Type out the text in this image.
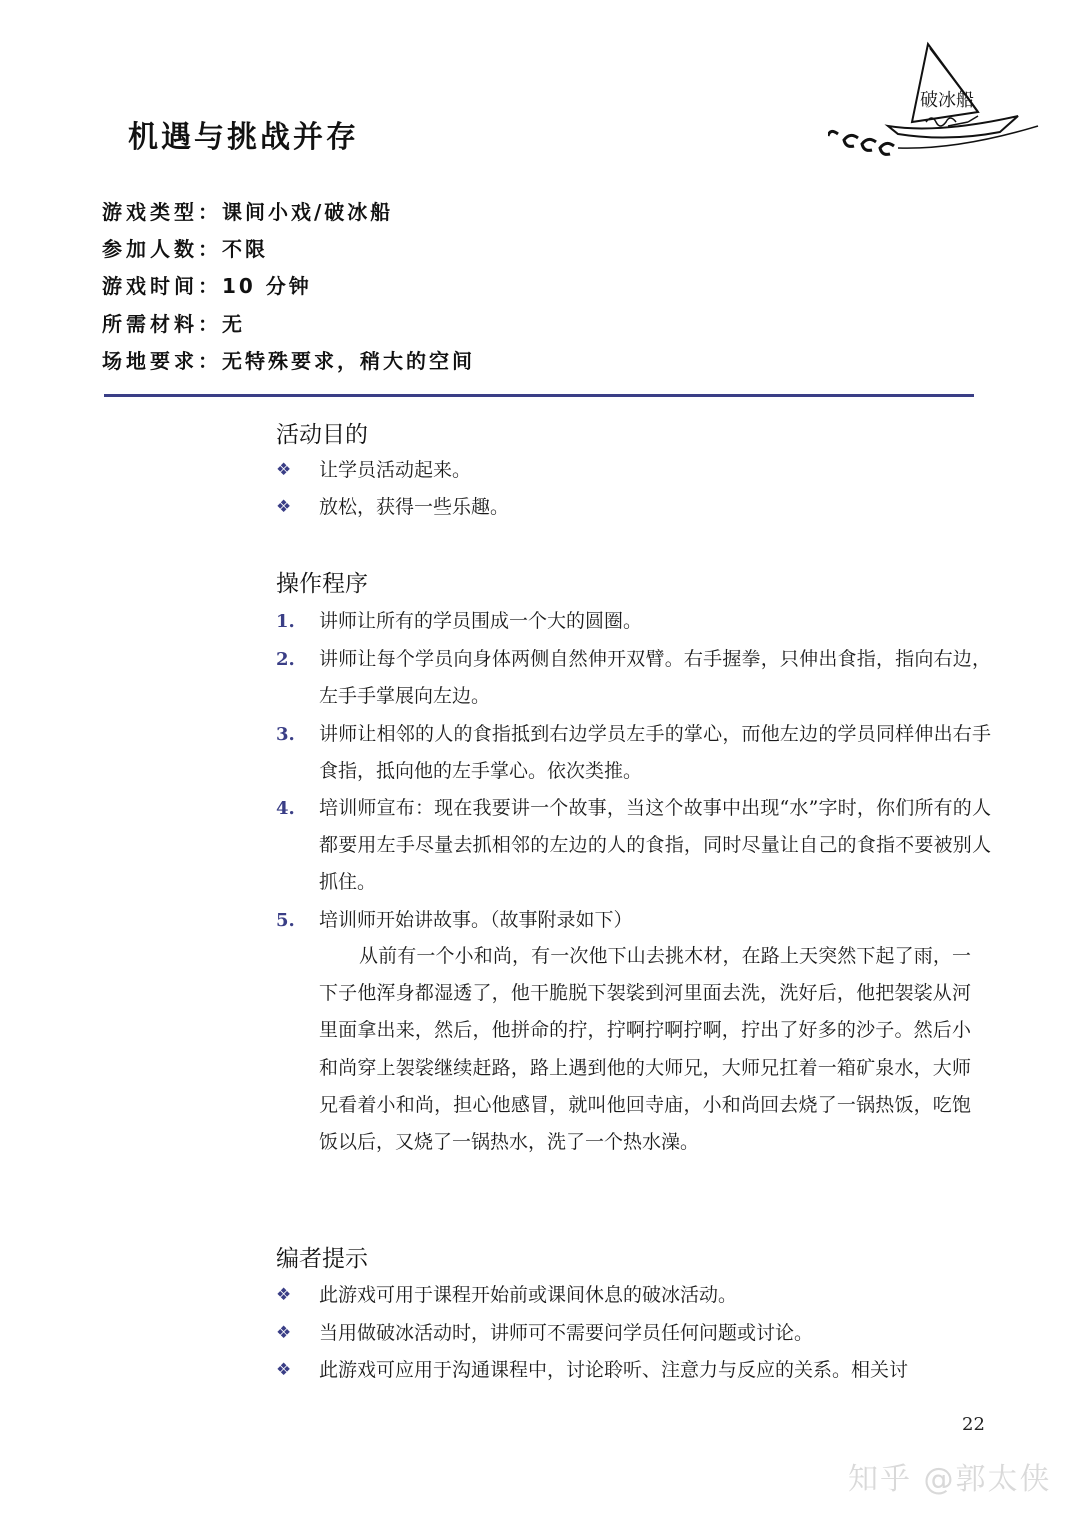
破冰船
机遇与挑战并存
游戏类型：课间小戏/破冰船
参加人数：不限
游戏时间：10 分钟
所需材料：无
场地要求：无特殊要求，稍大的空间
活动目的
❖ 让学员活动起来。
❖ 放松，获得一些乐趣。
操作程序
1. 讲师让所有的学员围成一个大的圆圈。
2. 讲师让每个学员向身体两侧自然伸开双臂。右手握拳，只伸出食指，指向右边，左手手掌展向左边。
3. 讲师让相邻的人的食指抵到右边学员左手的掌心，而他左边的学员同样伸出右手食指，抵向他的左手掌心。依次类推。
4. 培训师宣布：现在我要讲一个故事，当这个故事中出现“水”字时，你们所有的人都要用左手尽量去抓相邻的左边的人的食指，同时尽量让自己的食指不要被别人抓住。
5. 培训师开始讲故事。（故事附录如下）
从前有一个小和尚，有一次他下山去挑木材，在路上天突然下起了雨，一下子他浑身都湿透了，他干脆脱下袈裟到河里面去洗，洗好后，他把袈裟从河里面拿出来，然后，他拼命的拧，拧啊拧啊拧啊，拧出了好多的沙子。然后小和尚穿上袈裟继续赶路，路上遇到他的大师兄，大师兄扛着一箱矿泉水，大师兄看着小和尚，担心他感冒，就叫他回寺庙，小和尚回去烧了一锅热饭，吃饱饭以后，又烧了一锅热水，洗了一个热水澡。
编者提示
❖ 此游戏可用于课程开始前或课间休息的破冰活动。
❖ 当用做破冰活动时，讲师可不需要问学员任何问题或讨论。
❖ 此游戏可应用于沟通课程中，讨论聆听、注意力与反应的关系。相关讨
22
知乎 @郭太侠
